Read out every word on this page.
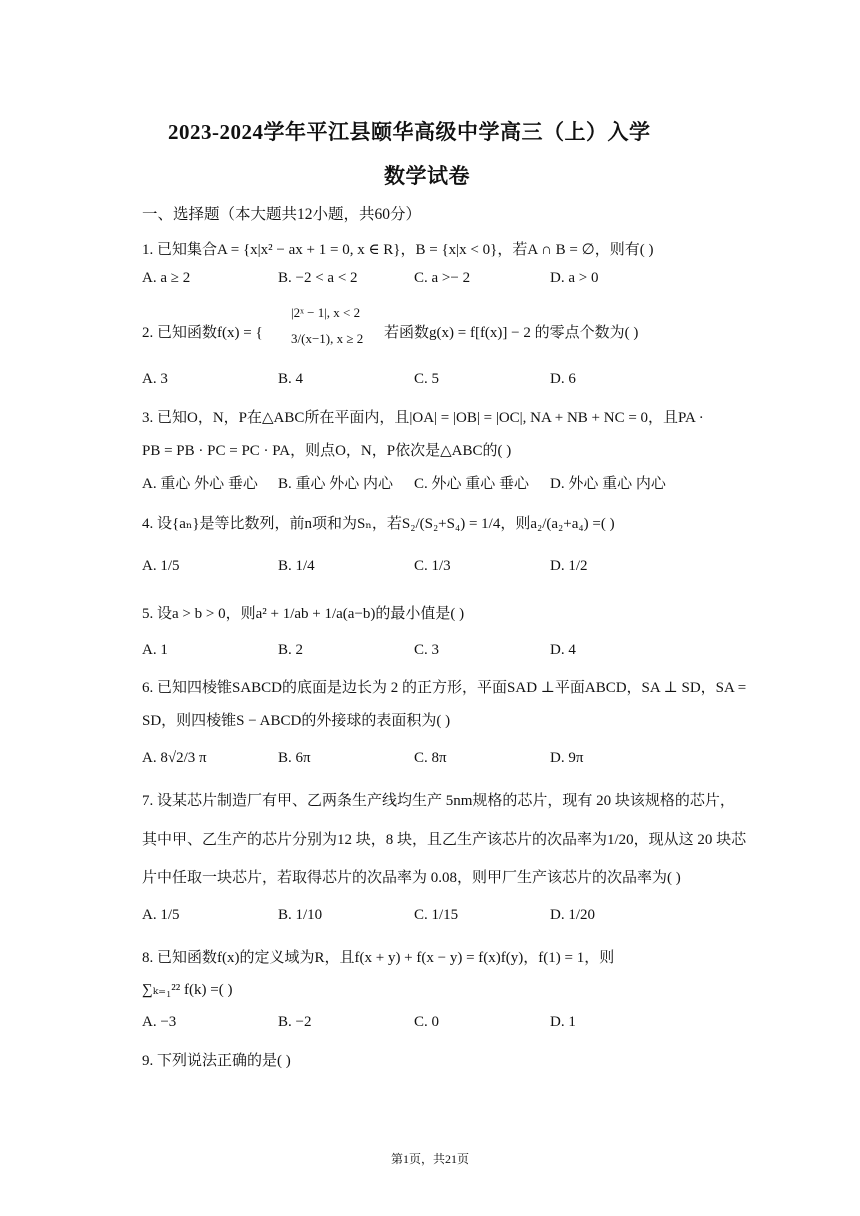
2023-2024学年平江县颐华高级中学高三（上）入学
数学试卷
一、选择题（本大题共12小题，共60分）
1. 已知集合A = {x|x² − ax + 1 = 0, x ∈ R}，B = {x|x < 0}，若A ∩ B = ∅，则有( )
A. a ≥ 2	B. −2 < a < 2	C. a >− 2	D. a > 0
2. 已知函数f(x) = {
|2ˣ − 1|, x < 2
3/(x−1), x ≥ 2 若函数g(x) = f[f(x)] − 2 的零点个数为( )
A. 3	B. 4	C. 5	D. 6
3. 已知O，N，P在△ABC所在平面内，且|OA| = |OB| = |OC|, NA + NB + NC = 0，且PA ·
PB = PB · PC = PC · PA，则点O，N，P依次是△ABC的( )
A. 重心 外心 垂心 B. 重心 外心 内心 C. 外心 重心 垂心 D. 外心 重心 内心
4. 设{aₙ}是等比数列，前n项和为Sₙ，若S₂/(S₂+S₄) = 1/4，则a₂/(a₂+a₄) =( )
A. 1/5	B. 1/4	C. 1/3	D. 1/2
5. 设a > b > 0，则a² + 1/ab + 1/a(a−b)的最小值是( )
A. 1	B. 2	C. 3	D. 4
6. 已知四棱锥SABCD的底面是边长为 2 的正方形，平面SAD ⊥平面ABCD，SA ⊥ SD，SA =
SD，则四棱锥S − ABCD的外接球的表面积为( )
A. 8√2/3 π	B. 6π	C. 8π	D. 9π
7. 设某芯片制造厂有甲、乙两条生产线均生产 5nm规格的芯片，现有 20 块该规格的芯片，
其中甲、乙生产的芯片分别为12 块，8 块，且乙生产该芯片的次品率为1/20，现从这 20 块芯
片中任取一块芯片，若取得芯片的次品率为 0.08，则甲厂生产该芯片的次品率为( )
A. 1/5	B. 1/10	C. 1/15	D. 1/20
8. 已知函数f(x)的定义域为R，且f(x + y) + f(x − y) = f(x)f(y)，f(1) = 1，则
∑ₖ₌₁²² f(k) =( )
A. −3	B. −2	C. 0	D. 1
9. 下列说法正确的是( )
第1页，共21页
